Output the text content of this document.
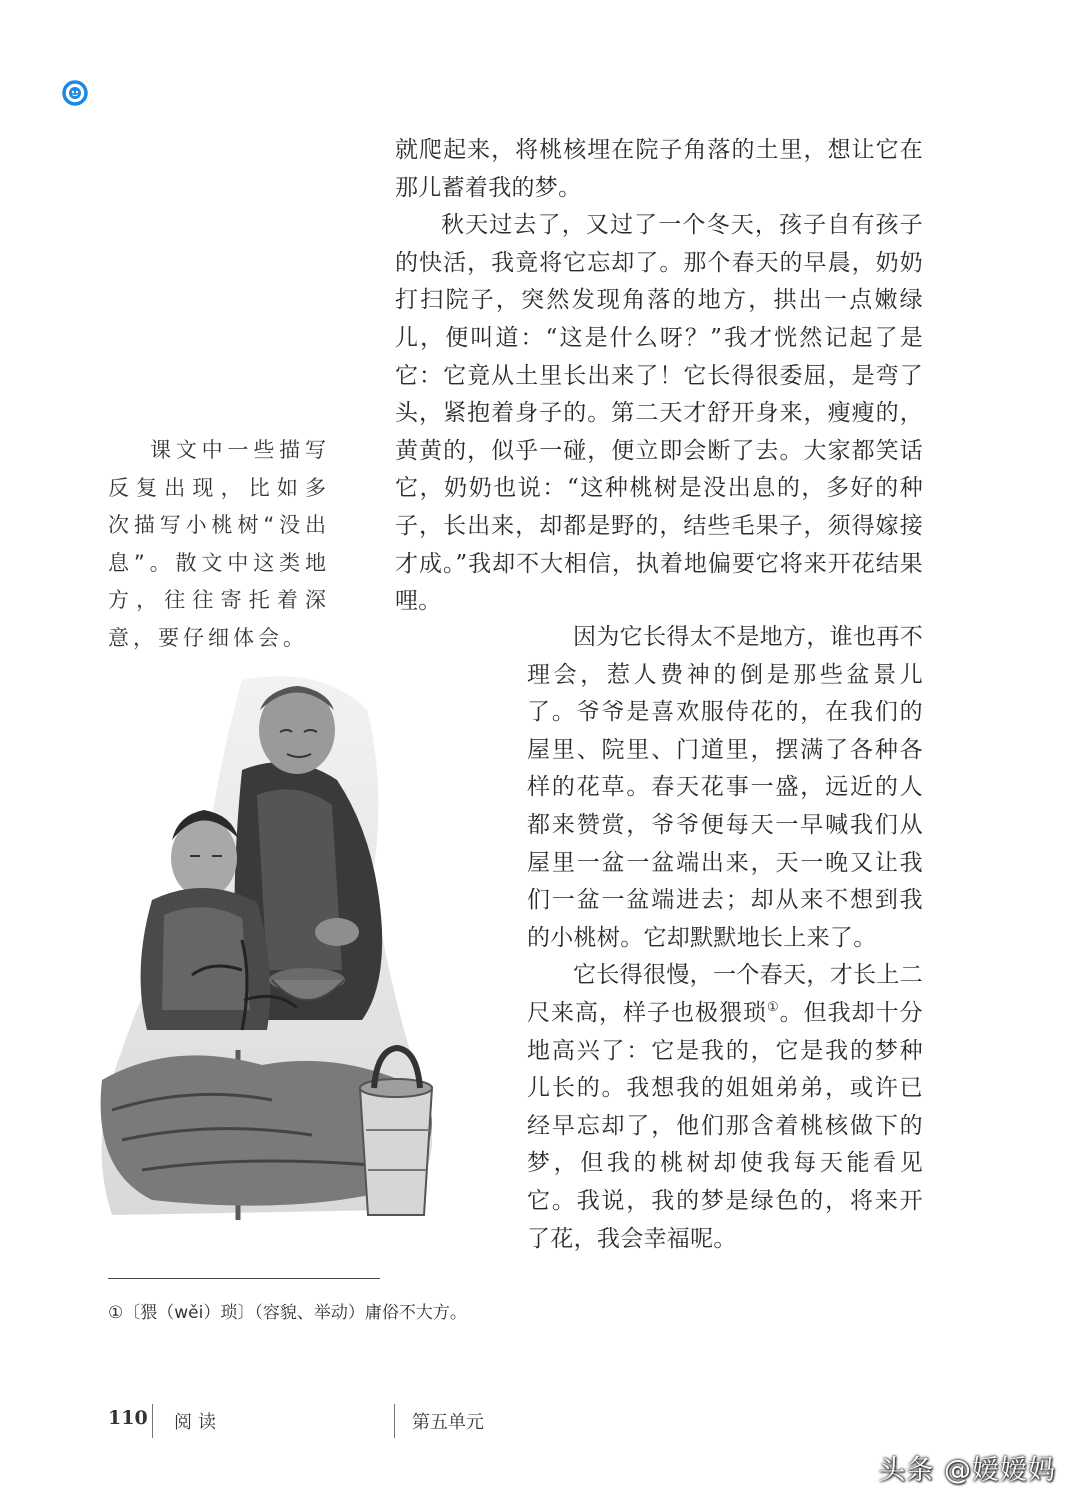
就爬起来，将桃核埋在院子角落的土里，想让它在那儿蓄着我的梦。

秋天过去了，又过了一个冬天，孩子自有孩子的快活，我竟将它忘却了。那个春天的早晨，奶奶打扫院子，突然发现角落的地方，拱出一点嫩绿儿，便叫道：“这是什么呀？”我才恍然记起了是它：它竟从土里长出来了！它长得很委屈，是弯了头，紧抱着身子的。第二天才舒开身来，瘦瘦的，黄黄的，似乎一碰，便立即会断了去。大家都笑话它，奶奶也说：“这种桃树是没出息的，多好的种子，长出来，却都是野的，结些毛果子，须得嫁接才成。”我却不大相信，执着地偏要它将来开花结果哩。

课文中一些描写反复出现，比如多次描写小桃树“没出息”。散文中这类地方，往往寄托着深意，要仔细体会。	因为它长得太不是地方，谁也再不理会，惹人费神的倒是那些盆景儿了。爷爷是喜欢服侍花的，在我们的屋里、院里、门道里，摆满了各种各样的花草。春天花事一盛，远近的人都来赞赏，爷爷便每天一早喊我们从屋里一盆一盆端出来，天一晚又让我们一盆一盆端进去；却从来不想到我的小桃树。它却默默地长上来了。

它长得很慢，一个春天，才长上二尺来高，样子也极猥琐①。但我却十分地高兴了：它是我的，它是我的梦种儿长的。我想我的姐姐弟弟，或许已经早忘却了，他们那含着桃核做下的梦，但我的桃树却使我每天能看见它。我说，我的梦是绿色的，将来开了花，我会幸福呢。

①〔猥（wěi）琐〕（容貌、举动）庸俗不大方。
110 阅读	第五单元
头条 @嫒嫒妈
